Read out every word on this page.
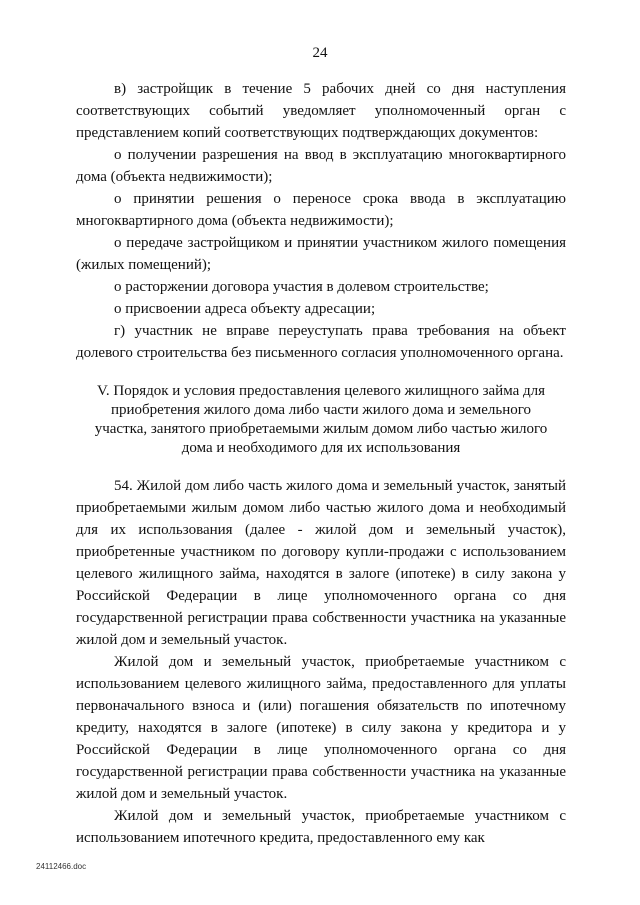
24

в) застройщик в течение 5 рабочих дней со дня наступления соответствующих событий уведомляет уполномоченный орган с представлением копий соответствующих подтверждающих документов:

о получении разрешения на ввод в эксплуатацию многоквартирного дома (объекта недвижимости);

о принятии решения о переносе срока ввода в эксплуатацию многоквартирного дома (объекта недвижимости);

о передаче застройщиком и принятии участником жилого помещения (жилых помещений);

о расторжении договора участия в долевом строительстве;

о присвоении адреса объекту адресации;

г) участник не вправе переуступать права требования на объект долевого строительства без письменного согласия уполномоченного органа.

V. Порядок и условия предоставления целевого жилищного займа для приобретения жилого дома либо части жилого дома и земельного участка, занятого приобретаемыми жилым домом либо частью жилого дома и необходимого для их использования

54. Жилой дом либо часть жилого дома и земельный участок, занятый приобретаемыми жилым домом либо частью жилого дома и необходимый для их использования (далее - жилой дом и земельный участок), приобретенные участником по договору купли-продажи с использованием целевого жилищного займа, находятся в залоге (ипотеке) в силу закона у Российской Федерации в лице уполномоченного органа со дня государственной регистрации права собственности участника на указанные жилой дом и земельный участок.

Жилой дом и земельный участок, приобретаемые участником с использованием целевого жилищного займа, предоставленного для уплаты первоначального взноса и (или) погашения обязательств по ипотечному кредиту, находятся в залоге (ипотеке) в силу закона у кредитора и у Российской Федерации в лице уполномоченного органа со дня государственной регистрации права собственности участника на указанные жилой дом и земельный участок.

Жилой дом и земельный участок, приобретаемые участником с использованием ипотечного кредита, предоставленного ему как

24112466.doc
